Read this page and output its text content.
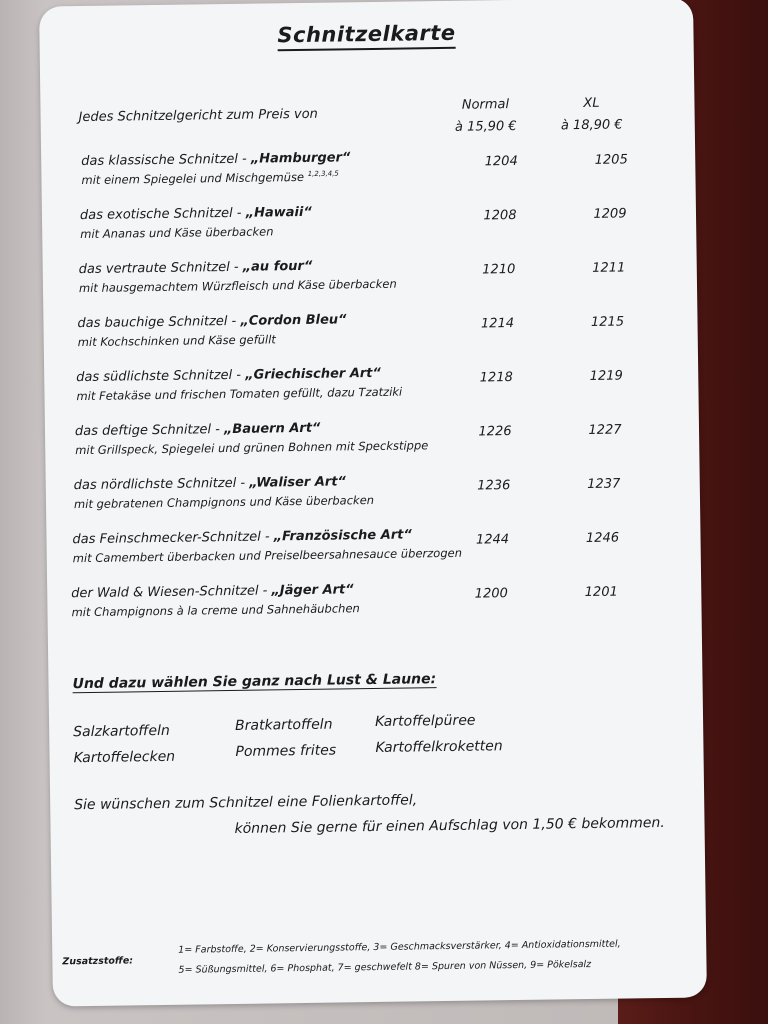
Schnitzelkarte
Jedes Schnitzelgericht zum Preis von
Normal
à 15,90 €
XL
à 18,90 €
das klassische Schnitzel - „Hamburger“
mit einem Spiegelei und Mischgemüse $^{1,2,3,4,5}$
1204	1205
das exotische Schnitzel - „Hawaii“
mit Ananas und Käse überbacken
1208	1209
das vertraute Schnitzel - „au four“
mit hausgemachtem Würzfleisch und Käse überbacken
1210	1211
das bauchige Schnitzel - „Cordon Bleu“
mit Kochschinken und Käse gefüllt
1214	1215
das südlichste Schnitzel - „Griechischer Art“
mit Fetakäse und frischen Tomaten gefüllt, dazu Tzatziki
1218	1219
das deftige Schnitzel - „Bauern Art“
mit Grillspeck, Spiegelei und grünen Bohnen mit Speckstippe
1226	1227
das nördlichste Schnitzel - „Waliser Art“
mit gebratenen Champignons und Käse überbacken
1236	1237
das Feinschmecker-Schnitzel - „Französische Art“
mit Camembert überbacken und Preiselbeersahnesauce überzogen
1244	1246
der Wald & Wiesen-Schnitzel - „Jäger Art“
mit Champignons à la creme und Sahnehäubchen
1200	1201
Und dazu wählen Sie ganz nach Lust & Laune:
Salzkartoffeln	Bratkartoffeln	Kartoffelpüree
Kartoffelecken	Pommes frites	Kartoffelkroketten
Sie wünschen zum Schnitzel eine Folienkartoffel,
können Sie gerne für einen Aufschlag von 1,50 € bekommen.
Zusatzstoffe:
1= Farbstoffe, 2= Konservierungsstoffe, 3= Geschmacksverstärker, 4= Antioxidationsmittel,
5= Süßungsmittel, 6= Phosphat, 7= geschwefelt 8= Spuren von Nüssen, 9= Pökelsalz
